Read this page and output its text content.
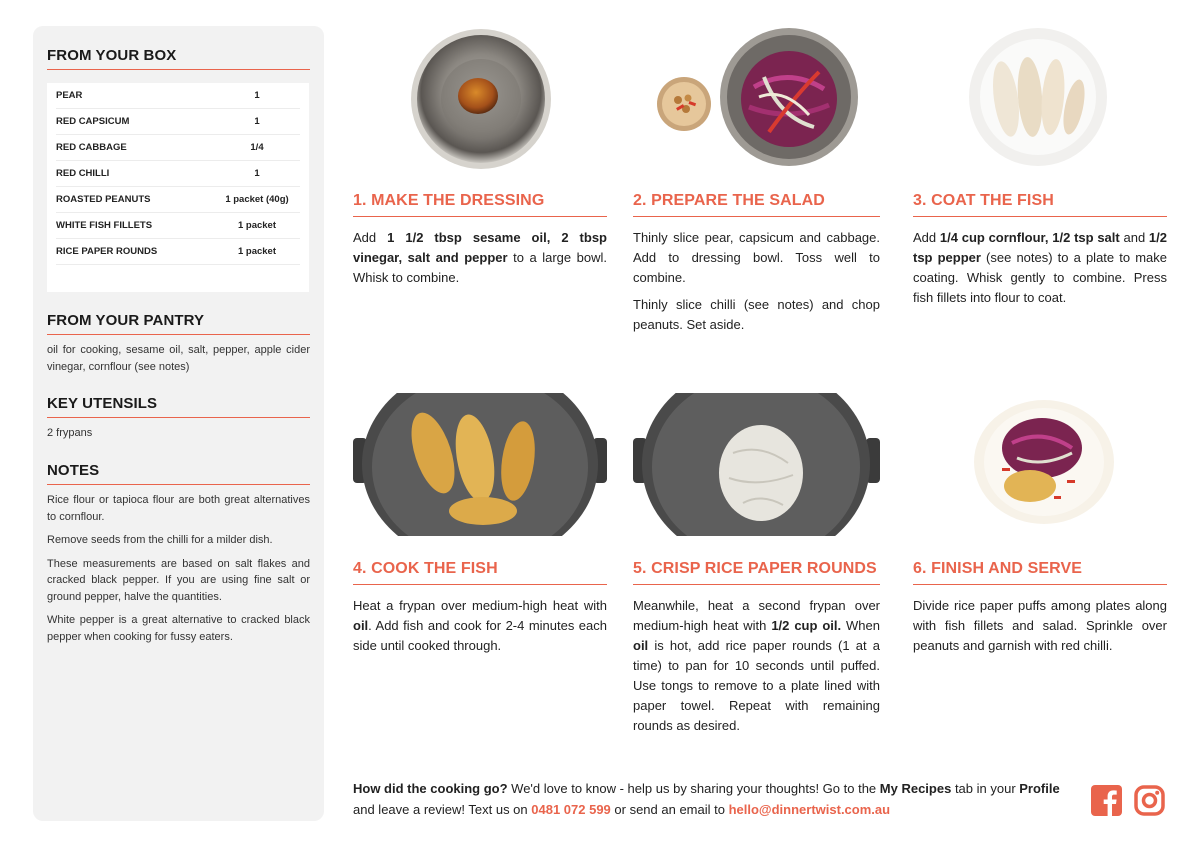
FROM YOUR BOX
PEAR	1
RED CAPSICUM	1
RED CABBAGE	1/4
RED CHILLI	1
ROASTED PEANUTS	1 packet (40g)
WHITE FISH FILLETS	1 packet
RICE PAPER ROUNDS	1 packet
FROM YOUR PANTRY
oil for cooking, sesame oil, salt, pepper, apple cider vinegar, cornflour (see notes)
KEY UTENSILS
2 frypans
NOTES
Rice flour or tapioca flour are both great alternatives to cornflour.
Remove seeds from the chilli for a milder dish.
These measurements are based on salt flakes and cracked black pepper. If you are using fine salt or ground pepper, halve the quantities.
White pepper is a great alternative to cracked black pepper when cooking for fussy eaters.
1. MAKE THE DRESSING	2. PREPARE THE SALAD	3. COAT THE FISH
4. COOK THE FISH	5. CRISP RICE PAPER ROUNDS 6. FINISH AND SERVE

Add 1 1/2 tbsp sesame oil, 2 tbsp vinegar, salt and pepper to a large bowl. Whisk to combine.

Thinly slice pear, capsicum and cabbage. Add to dressing bowl. Toss well to combine.

Thinly slice chilli (see notes) and chop peanuts. Set aside.

Add 1/4 cup cornflour, 1/2 tsp salt and 1/2 tsp pepper (see notes) to a plate to make coating. Whisk gently to combine. Press fish fillets into flour to coat.

Heat a frypan over medium-high heat with oil. Add fish and cook for 2-4 minutes each side until cooked through.

Meanwhile, heat a second frypan over medium-high heat with 1/2 cup oil. When oil is hot, add rice paper rounds (1 at a time) to pan for 10 seconds until puffed. Use tongs to remove to a plate lined with paper towel. Repeat with remaining rounds as desired.

Divide rice paper puffs among plates along with fish fillets and salad. Sprinkle over peanuts and garnish with red chilli.

How did the cooking go? We'd love to know - help us by sharing your thoughts! Go to the My Recipes tab in your Profile and leave a review! Text us on 0481 072 599 or send an email to hello@dinnertwist.com.au
